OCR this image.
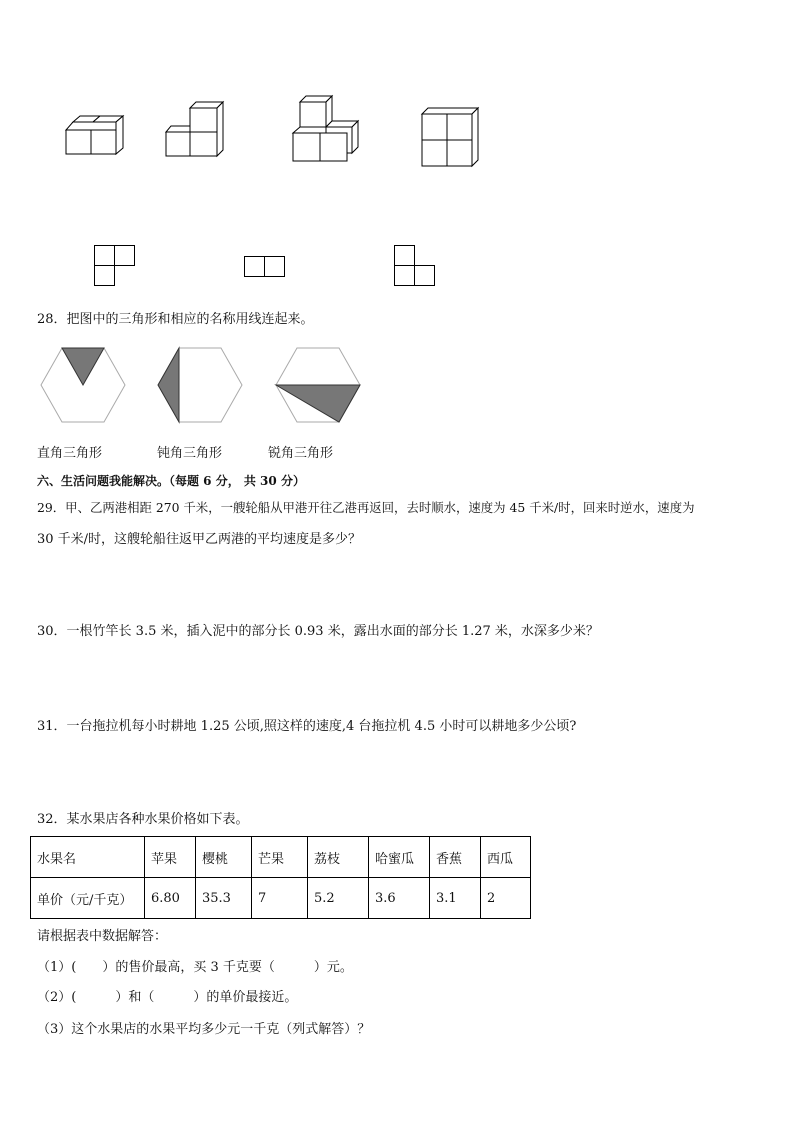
28．把图中的三角形和相应的名称用线连起来。
直角三角形	钝角三角形	锐角三角形
六、生活问题我能解决。（每题 6 分， 共 30 分）
29．甲、乙两港相距 270 千米，一艘轮船从甲港开往乙港再返回，去时顺水，速度为 45 千米/时，回来时逆水，速度为
30 千米/时，这艘轮船往返甲乙两港的平均速度是多少？
30．一根竹竿长 3.5 米，插入泥中的部分长 0.93 米，露出水面的部分长 1.27 米，水深多少米？
31．一台拖拉机每小时耕地 1.25 公顷,照这样的速度,4 台拖拉机 4.5 小时可以耕地多少公顷?
32．某水果店各种水果价格如下表。
水果名	苹果	樱桃	芒果	荔枝	哈蜜瓜	香蕉	西瓜
单价（元/千克）	6.80	35.3	7	5.2	3.6	3.1	2
请根据表中数据解答：
（1）(　　）的售价最高，买 3 千克要（　　　）元。
（2）(　　　）和（　　　）的单价最接近。
（3）这个水果店的水果平均多少元一千克（列式解答）？
